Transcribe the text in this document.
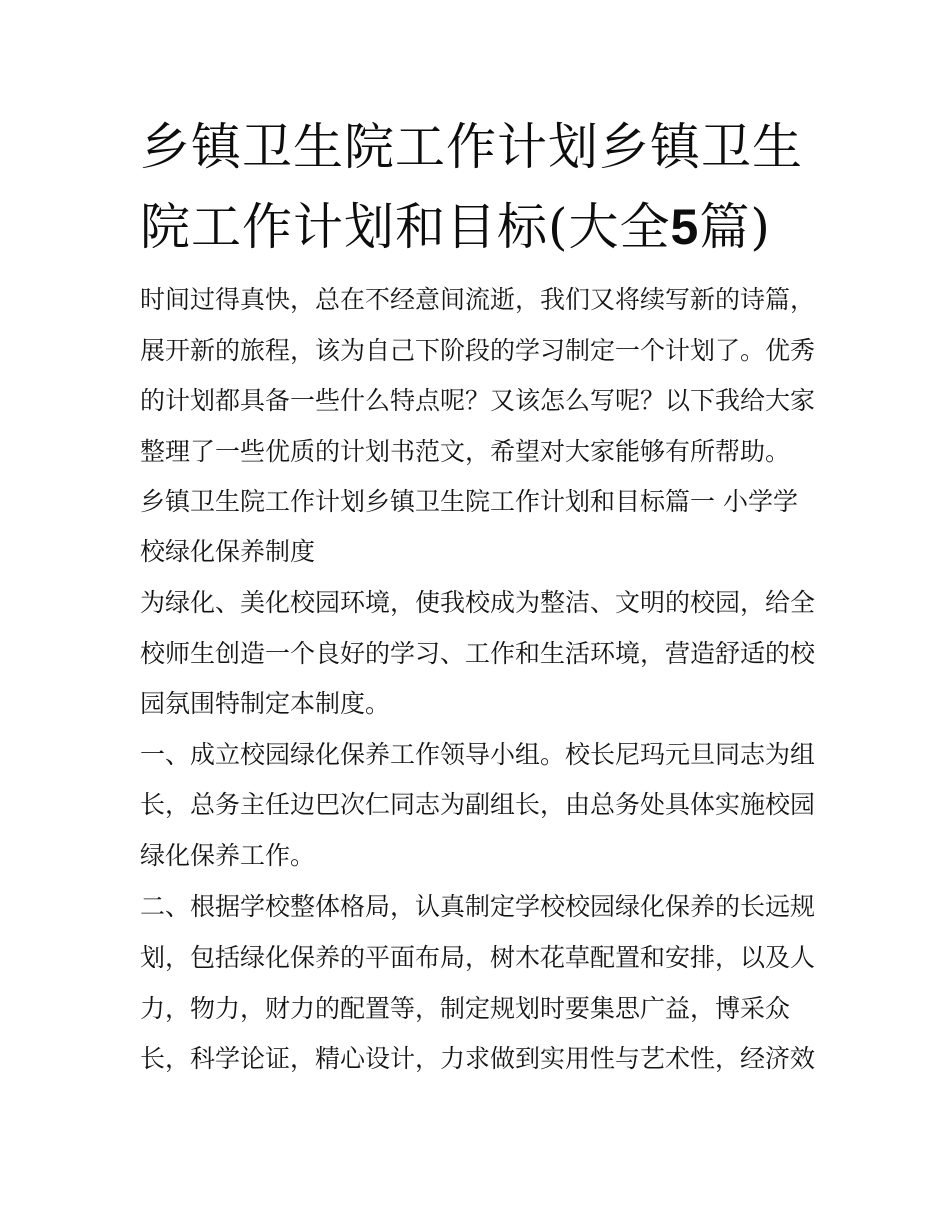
乡镇卫生院工作计划乡镇卫生
院工作计划和目标(大全5篇)
时间过得真快，总在不经意间流逝，我们又将续写新的诗篇，
展开新的旅程，该为自己下阶段的学习制定一个计划了。优秀
的计划都具备一些什么特点呢？又该怎么写呢？以下我给大家
整理了一些优质的计划书范文，希望对大家能够有所帮助。
乡镇卫生院工作计划乡镇卫生院工作计划和目标篇一 小学学
校绿化保养制度
为绿化、美化校园环境，使我校成为整洁、文明的校园，给全
校师生创造一个良好的学习、工作和生活环境，营造舒适的校
园氛围特制定本制度。
一、成立校园绿化保养工作领导小组。校长尼玛元旦同志为组
长，总务主任边巴次仁同志为副组长，由总务处具体实施校园
绿化保养工作。
二、根据学校整体格局，认真制定学校校园绿化保养的长远规
划，包括绿化保养的平面布局，树木花草配置和安排，以及人
力，物力，财力的配置等，制定规划时要集思广益，博采众
长，科学论证，精心设计，力求做到实用性与艺术性，经济效
